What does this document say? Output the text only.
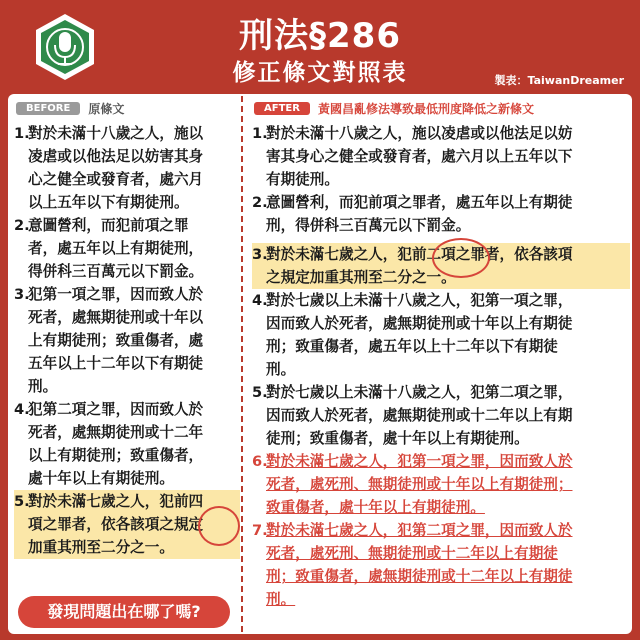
刑法§286
修正條文對照表	製表：TaiwanDreamer
BEFORE	原條文
1.
對於未滿十八歲之人，施以
凌虐或以他法足以妨害其身
心之健全或發育者，處六月
以上五年以下有期徒刑。
2.
意圖營利，而犯前項之罪
者，處五年以上有期徒刑，
得併科三百萬元以下罰金。
3.
犯第一項之罪，因而致人於
死者，處無期徒刑或十年以
上有期徒刑；致重傷者，處
五年以上十二年以下有期徒
刑。
4.
犯第二項之罪，因而致人於
死者，處無期徒刑或十二年
以上有期徒刑；致重傷者，
處十年以上有期徒刑。
5.
對於未滿七歲之人，犯前四
項之罪者，依各該項之規定
加重其刑至二分之一。
發現問題出在哪了嗎?
AFTER	黃國昌亂修法導致最低刑度降低之新條文
1.
對於未滿十八歲之人，施以凌虐或以他法足以妨
害其身心之健全或發育者，處六月以上五年以下
有期徒刑。
2.
意圖營利，而犯前項之罪者，處五年以上有期徒
刑，得併科三百萬元以下罰金。
3.
對於未滿七歲之人，犯前二項之罪者，依各該項
之規定加重其刑至二分之一。
4.
對於七歲以上未滿十八歲之人，犯第一項之罪，
因而致人於死者，處無期徒刑或十年以上有期徒
刑；致重傷者，處五年以上十二年以下有期徒
刑。
5.
對於七歲以上未滿十八歲之人，犯第二項之罪，
因而致人於死者，處無期徒刑或十二年以上有期
徒刑；致重傷者，處十年以上有期徒刑。
6.
對於未滿七歲之人，犯第一項之罪，因而致人於
死者，處死刑、無期徒刑或十年以上有期徒刑；
致重傷者，處十年以上有期徒刑。
7.
對於未滿七歲之人，犯第二項之罪，因而致人於
死者，處死刑、無期徒刑或十二年以上有期徒
刑；致重傷者，處無期徒刑或十二年以上有期徒
刑。
